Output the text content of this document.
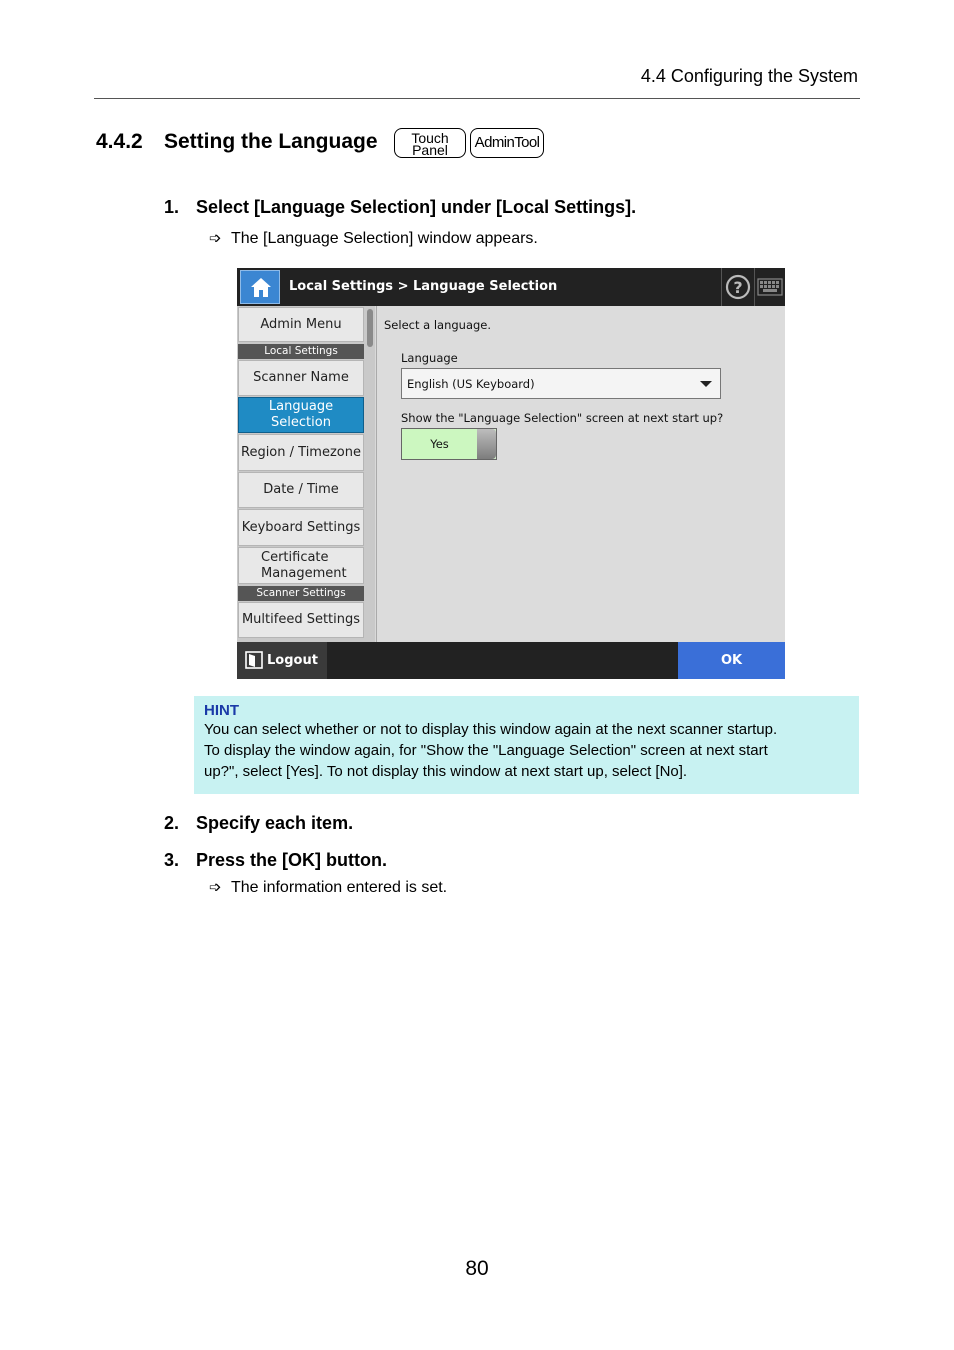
4.4 Configuring the System
4.4.2 Setting the Language	Touch
Panel	AdminTool
1. Select [Language Selection] under [Local Settings].
➩ The [Language Selection] window appears.
Local Settings > Language Selection	?
Admin Menu
Local Settings
Scanner Name
Language Selection
Region / Timezone
Date / Time
Keyboard Settings
Certificate
Management
Scanner Settings
Multifeed Settings
Select a language.
Language
English (US Keyboard)
Show the "Language Selection" screen at next start up?
Yes
Logout	OK
HINT
You can select whether or not to display this window again at the next scanner startup.
To display the window again, for "Show the "Language Selection" screen at next start
up?", select [Yes]. To not display this window at next start up, select [No].
2. Specify each item.
3. Press the [OK] button.
➩ The information entered is set.
80
